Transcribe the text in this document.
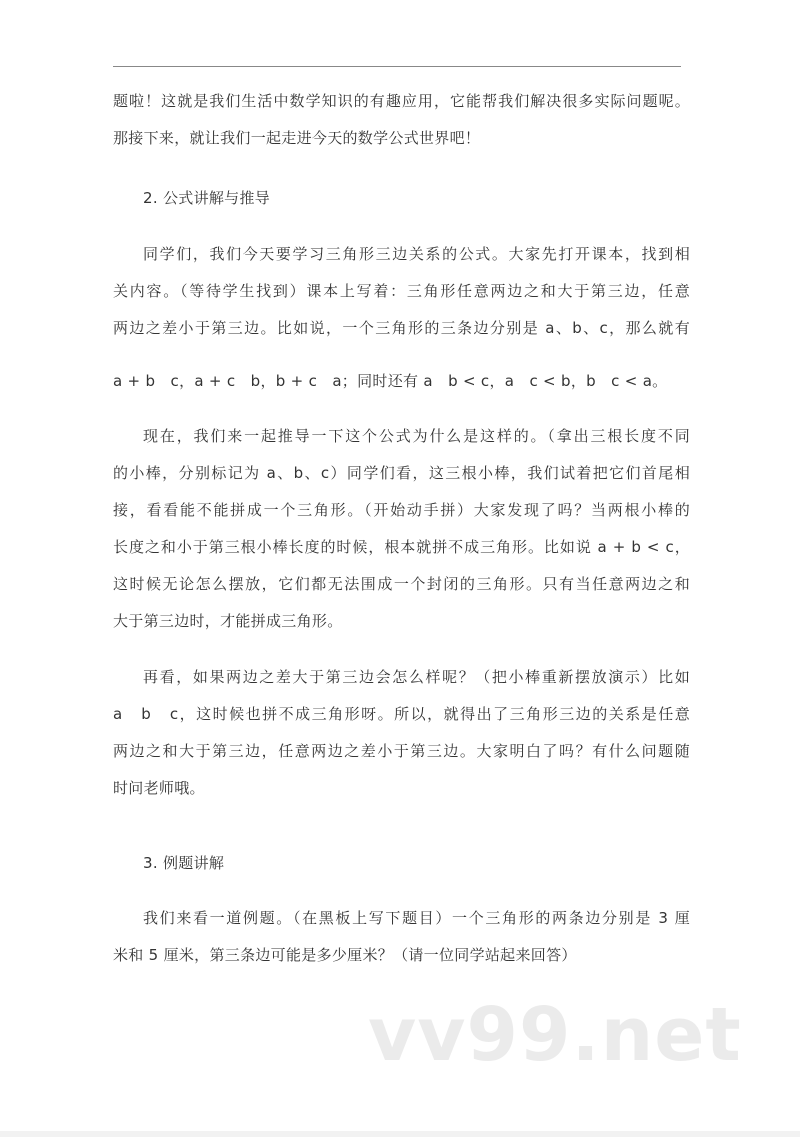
题啦！这就是我们生活中数学知识的有趣应用，它能帮我们解决很多实际问题呢。
那接下来，就让我们一起走进今天的数学公式世界吧！
2. 公式讲解与推导
同学们，我们今天要学习三角形三边关系的公式。大家先打开课本，找到相
关内容。（等待学生找到）课本上写着：三角形任意两边之和大于第三边，任意
两边之差小于第三边。比如说，一个三角形的三条边分别是 a、b、c，那么就有
a + b   c，a + c   b，b + c   a；同时还有 a   b < c，a   c < b，b   c < a。
现在，我们来一起推导一下这个公式为什么是这样的。（拿出三根长度不同
的小棒，分别标记为 a、b、c）同学们看，这三根小棒，我们试着把它们首尾相
接，看看能不能拼成一个三角形。（开始动手拼）大家发现了吗？当两根小棒的
长度之和小于第三根小棒长度的时候，根本就拼不成三角形。比如说 a + b < c，
这时候无论怎么摆放，它们都无法围成一个封闭的三角形。只有当任意两边之和
大于第三边时，才能拼成三角形。
再看，如果两边之差大于第三边会怎么样呢？（把小棒重新摆放演示）比如
a   b   c，这时候也拼不成三角形呀。所以，就得出了三角形三边的关系是任意
两边之和大于第三边，任意两边之差小于第三边。大家明白了吗？有什么问题随
时问老师哦。
3. 例题讲解
我们来看一道例题。（在黑板上写下题目）一个三角形的两条边分别是 3 厘
米和 5 厘米，第三条边可能是多少厘米？（请一位同学站起来回答）
vv99.net
